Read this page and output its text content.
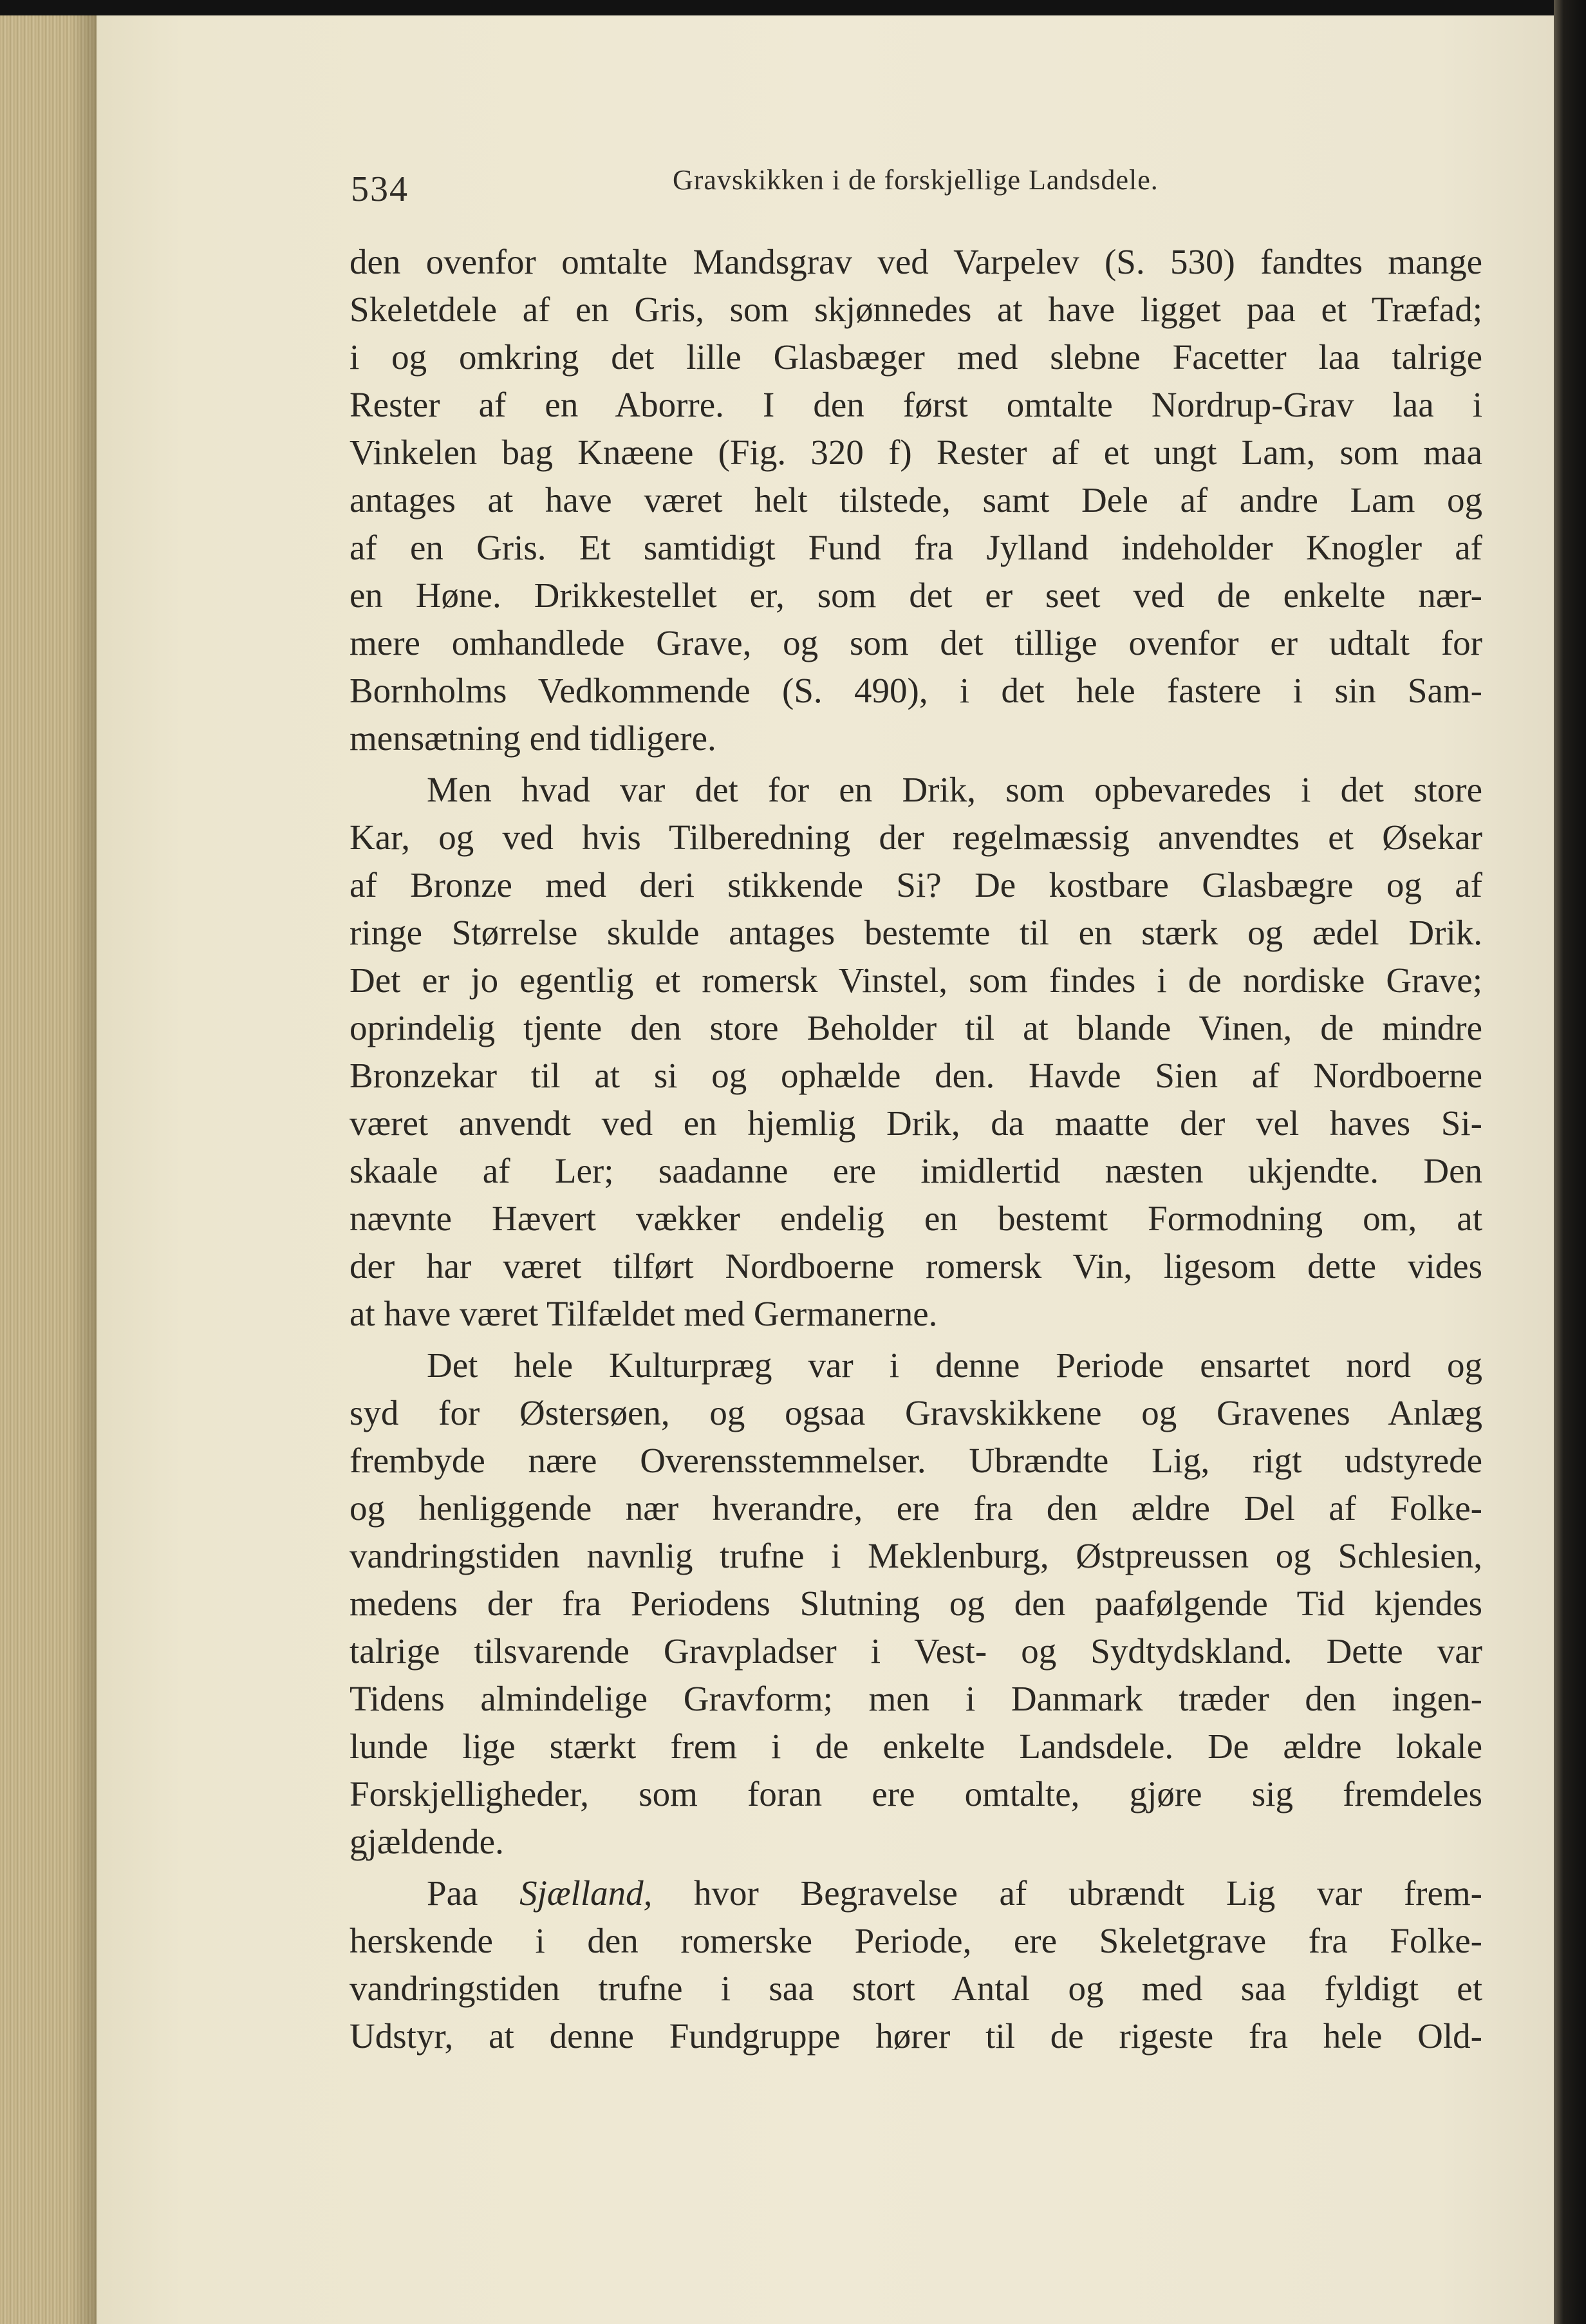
534	Gravskikken i de forskjellige Landsdele.
den ovenfor omtalte Mandsgrav ved Varpelev (S. 530) fandtes mange
Skeletdele af en Gris, som skjønnedes at have ligget paa et Træfad;
i og omkring det lille Glasbæger med slebne Facetter laa talrige
Rester af en Aborre. I den først omtalte Nordrup-Grav laa i
Vinkelen bag Knæene (Fig. 320 f) Rester af et ungt Lam, som maa
antages at have været helt tilstede, samt Dele af andre Lam og
af en Gris. Et samtidigt Fund fra Jylland indeholder Knogler af
en Høne. Drikkestellet er, som det er seet ved de enkelte nær-
mere omhandlede Grave, og som det tillige ovenfor er udtalt for
Bornholms Vedkommende (S. 490), i det hele fastere i sin Sam-
mensætning end tidligere.
Men hvad var det for en Drik, som opbevaredes i det store
Kar, og ved hvis Tilberedning der regelmæssig anvendtes et Øsekar
af Bronze med deri stikkende Si? De kostbare Glasbægre og af
ringe Størrelse skulde antages bestemte til en stærk og ædel Drik.
Det er jo egentlig et romersk Vinstel, som findes i de nordiske Grave;
oprindelig tjente den store Beholder til at blande Vinen, de mindre
Bronzekar til at si og ophælde den. Havde Sien af Nordboerne
været anvendt ved en hjemlig Drik, da maatte der vel haves Si-
skaale af Ler; saadanne ere imidlertid næsten ukjendte. Den
nævnte Hævert vækker endelig en bestemt Formodning om, at
der har været tilført Nordboerne romersk Vin, ligesom dette vides
at have været Tilfældet med Germanerne.
Det hele Kulturpræg var i denne Periode ensartet nord og
syd for Østersøen, og ogsaa Gravskikkene og Gravenes Anlæg
frembyde nære Overensstemmelser. Ubrændte Lig, rigt udstyrede
og henliggende nær hverandre, ere fra den ældre Del af Folke-
vandringstiden navnlig trufne i Meklenburg, Østpreussen og Schlesien,
medens der fra Periodens Slutning og den paafølgende Tid kjendes
talrige tilsvarende Gravpladser i Vest- og Sydtydskland. Dette var
Tidens almindelige Gravform; men i Danmark træder den ingen-
lunde lige stærkt frem i de enkelte Landsdele. De ældre lokale
Forskjelligheder, som foran ere omtalte, gjøre sig fremdeles
gjældende.
Paa Sjælland, hvor Begravelse af ubrændt Lig var frem-
herskende i den romerske Periode, ere Skeletgrave fra Folke-
vandringstiden trufne i saa stort Antal og med saa fyldigt et
Udstyr, at denne Fundgruppe hører til de rigeste fra hele Old-
